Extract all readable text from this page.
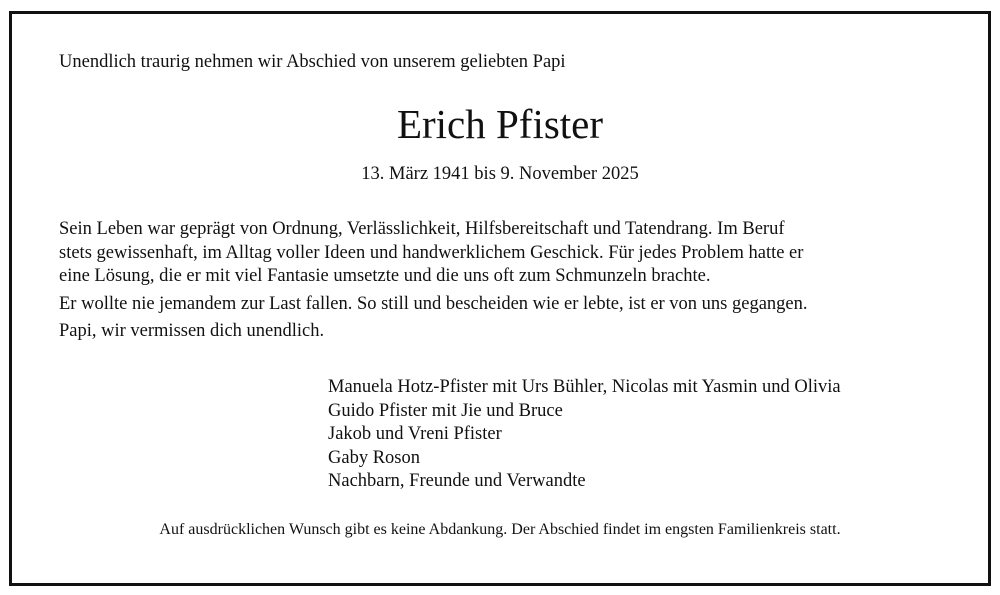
Unendlich traurig nehmen wir Abschied von unserem geliebten Papi
Erich Pfister
13. März 1941 bis 9. November 2025

Sein Leben war geprägt von Ordnung, Verlässlichkeit, Hilfsbereitschaft und Tatendrang. Im Beruf
stets gewissenhaft, im Alltag voller Ideen und handwerklichem Geschick. Für jedes Problem hatte er
eine Lösung, die er mit viel Fantasie umsetzte und die uns oft zum Schmunzeln brachte.

Er wollte nie jemandem zur Last fallen. So still und bescheiden wie er lebte, ist er von uns gegangen.

Papi, wir vermissen dich unendlich.

Manuela Hotz-Pfister mit Urs Bühler, Nicolas mit Yasmin und Olivia
Guido Pfister mit Jie und Bruce
Jakob und Vreni Pfister
Gaby Roson
Nachbarn, Freunde und Verwandte
Auf ausdrücklichen Wunsch gibt es keine Abdankung. Der Abschied findet im engsten Familienkreis statt.
